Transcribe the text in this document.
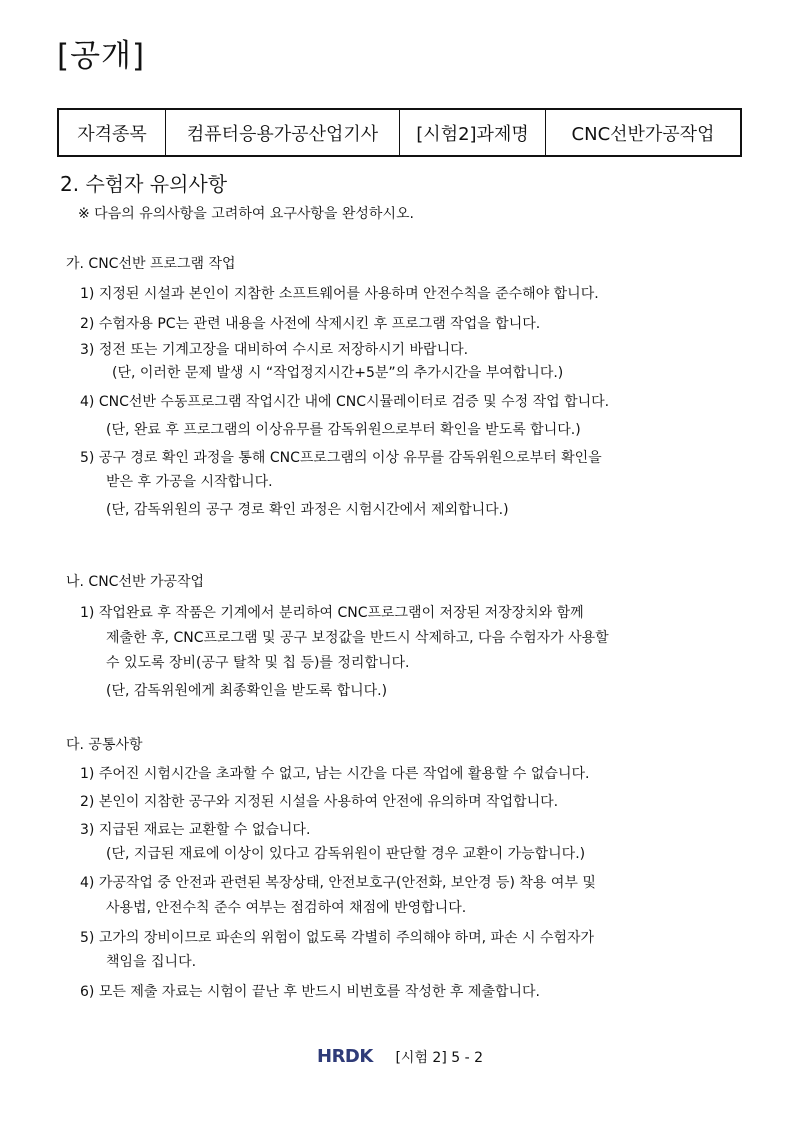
[공개]
자격종목	컴퓨터응용가공산업기사	[시험2]과제명	CNC선반가공작업
2. 수험자 유의사항
※ 다음의 유의사항을 고려하여 요구사항을 완성하시오.
가. CNC선반 프로그램 작업
1) 지정된 시설과 본인이 지참한 소프트웨어를 사용하며 안전수칙을 준수해야 합니다.
2) 수험자용 PC는 관련 내용을 사전에 삭제시킨 후 프로그램 작업을 합니다.
3) 정전 또는 기계고장을 대비하여 수시로 저장하시기 바랍니다.
(단, 이러한 문제 발생 시 “작업정지시간+5분”의 추가시간을 부여합니다.)
4) CNC선반 수동프로그램 작업시간 내에 CNC시뮬레이터로 검증 및 수정 작업 합니다.
(단, 완료 후 프로그램의 이상유무를 감독위원으로부터 확인을 받도록 합니다.)
5) 공구 경로 확인 과정을 통해 CNC프로그램의 이상 유무를 감독위원으로부터 확인을
받은 후 가공을 시작합니다.
(단, 감독위원의 공구 경로 확인 과정은 시험시간에서 제외합니다.)
나. CNC선반 가공작업
1) 작업완료 후 작품은 기계에서 분리하여 CNC프로그램이 저장된 저장장치와 함께
제출한 후, CNC프로그램 및 공구 보정값을 반드시 삭제하고, 다음 수험자가 사용할
수 있도록 장비(공구 탈착 및 칩 등)를 정리합니다.
(단, 감독위원에게 최종확인을 받도록 합니다.)
다. 공통사항
1) 주어진 시험시간을 초과할 수 없고, 남는 시간을 다른 작업에 활용할 수 없습니다.
2) 본인이 지참한 공구와 지정된 시설을 사용하여 안전에 유의하며 작업합니다.
3) 지급된 재료는 교환할 수 없습니다.
(단, 지급된 재료에 이상이 있다고 감독위원이 판단할 경우 교환이 가능합니다.)
4) 가공작업 중 안전과 관련된 복장상태, 안전보호구(안전화, 보안경 등) 착용 여부 및
사용법, 안전수칙 준수 여부는 점검하여 채점에 반영합니다.
5) 고가의 장비이므로 파손의 위험이 없도록 각별히 주의해야 하며, 파손 시 수험자가
책임을 집니다.
6) 모든 제출 자료는 시험이 끝난 후 반드시 비번호를 작성한 후 제출합니다.
HRDK [시험 2] 5 - 2
